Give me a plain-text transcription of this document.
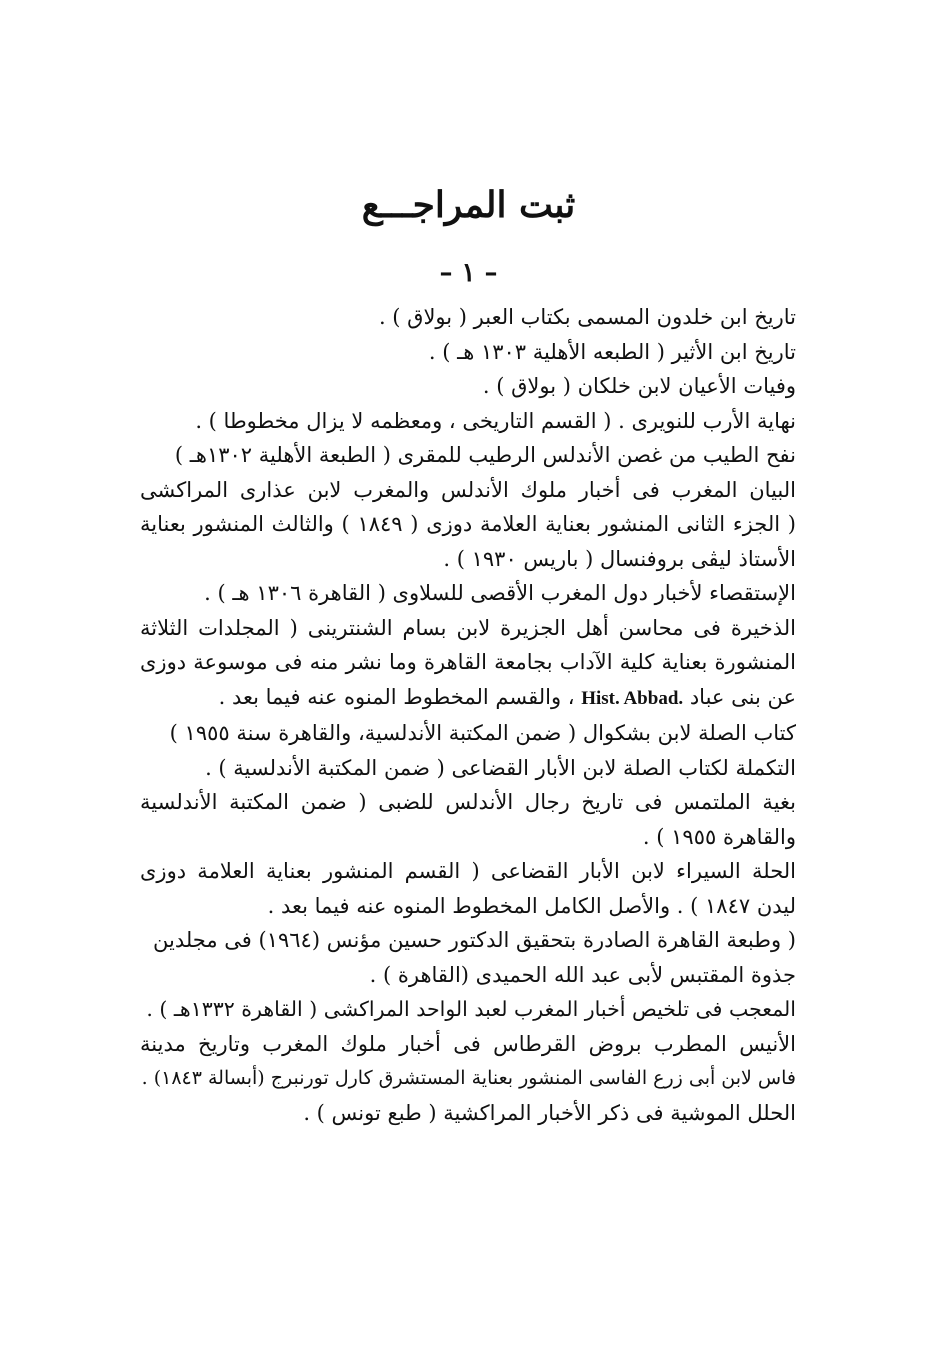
ثبت المراجـــع
– ١ –
تاريخ ابن خلدون المسمى بكتاب العبر ( بولاق ) .
تاريخ ابن الأثير ( الطبعه الأهلية ١٣٠٣ هـ ) .
وفيات الأعيان لابن خلكان ( بولاق ) .
نهاية الأرب للنويرى . ( القسم التاريخى ، ومعظمه لا يزال مخطوطا ) .
نفح الطيب من غصن الأندلس الرطيب للمقرى ( الطبعة الأهلية ١٣٠٢هـ )
البيان المغرب فى أخبار ملوك الأندلس والمغرب لابن عذارى المراكشى
( الجزء الثانى المنشور بعناية العلامة دوزى ( ١٨٤٩ ) والثالث المنشور بعناية
الأستاذ ليڤى بروفنسال ( باريس ١٩٣٠ ) .
الإستقصاء لأخبار دول المغرب الأقصى للسلاوى ( القاهرة ١٣٠٦ هـ ) .
الذخيرة فى محاسن أهل الجزيرة لابن بسام الشنترينى ( المجلدات الثلاثة
المنشورة بعناية كلية الآداب بجامعة القاهرة وما نشر منه فى موسوعة دوزى
عن بنى عباد Hist. Abbad. ، والقسم المخطوط المنوه عنه فيما بعد .
كتاب الصلة لابن بشكوال ( ضمن المكتبة الأندلسية، والقاهرة سنة ١٩٥٥ )
التكملة لكتاب الصلة لابن الأبار القضاعى ( ضمن المكتبة الأندلسية ) .
بغية الملتمس فى تاريخ رجال الأندلس للضبى ( ضمن المكتبة الأندلسية
والقاهرة ١٩٥٥ ) .
الحلة السيراء لابن الأبار القضاعى ( القسم المنشور بعناية العلامة دوزى
ليدن ١٨٤٧ ) . والأصل الكامل المخطوط المنوه عنه فيما بعد .
( وطبعة القاهرة الصادرة بتحقيق الدكتور حسين مؤنس (١٩٦٤) فى مجلدين
جذوة المقتبس لأبى عبد الله الحميدى (القاهرة ) .
المعجب فى تلخيص أخبار المغرب لعبد الواحد المراكشى ( القاهرة ١٣٣٢هـ ) .
الأنيس المطرب بروض القرطاس فى أخبار ملوك المغرب وتاريخ مدينة
فاس لابن أبى زرع الفاسى المنشور بعناية المستشرق كارل تورنبرج (أبسالة ١٨٤٣) .
الحلل الموشية فى ذكر الأخبار المراكشية ( طبع تونس ) .
